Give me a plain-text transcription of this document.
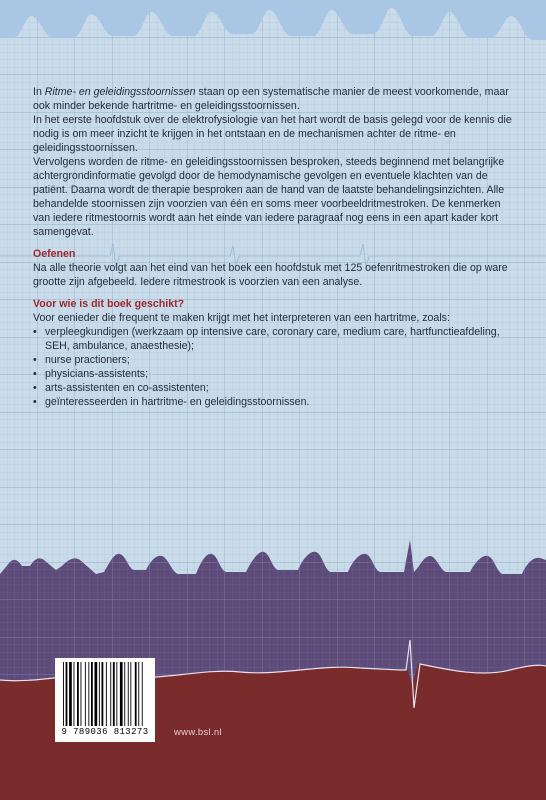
In Ritme- en geleidingsstoornissen staan op een systematische manier de meest voorkomende, maar ook minder bekende hartritme- en geleidingsstoornissen.

In het eerste hoofdstuk over de elektrofysiologie van het hart wordt de basis gelegd voor de kennis die nodig is om meer inzicht te krijgen in het ontstaan en de mechanismen achter de ritme- en geleidingsstoornissen.

Vervolgens worden de ritme- en geleidingsstoornissen besproken, steeds beginnend met belangrijke achtergrondinformatie gevolgd door de hemodynamische gevolgen en eventuele klachten van de patiënt. Daarna wordt de therapie besproken aan de hand van de laatste behandelingsinzichten. Alle behandelde stoornissen zijn voorzien van één en soms meer voorbeeldritmestroken. De kenmerken van iedere ritmestoornis wordt aan het einde van iedere paragraaf nog eens in een apart kader kort samengevat.

Oefenen

Na alle theorie volgt aan het eind van het boek een hoofdstuk met 125 oefenritmestroken die op ware grootte zijn afgebeeld. Iedere ritmestrook is voorzien van een analyse.

Voor wie is dit boek geschikt?

Voor eenieder die frequent te maken krijgt met het interpreteren van een hartritme, zoals:

• verpleegkundigen (werkzaam op intensive care, coronary care, medium care, hartfunctieafdeling, SEH, ambulance, anaesthesie);
• nurse practioners;
• physicians-assistents;
• arts-assistenten en co-assistenten;
• geïnteresseerden in hartritme- en geleidingsstoornissen.
9 789036 813273	www.bsl.nl
